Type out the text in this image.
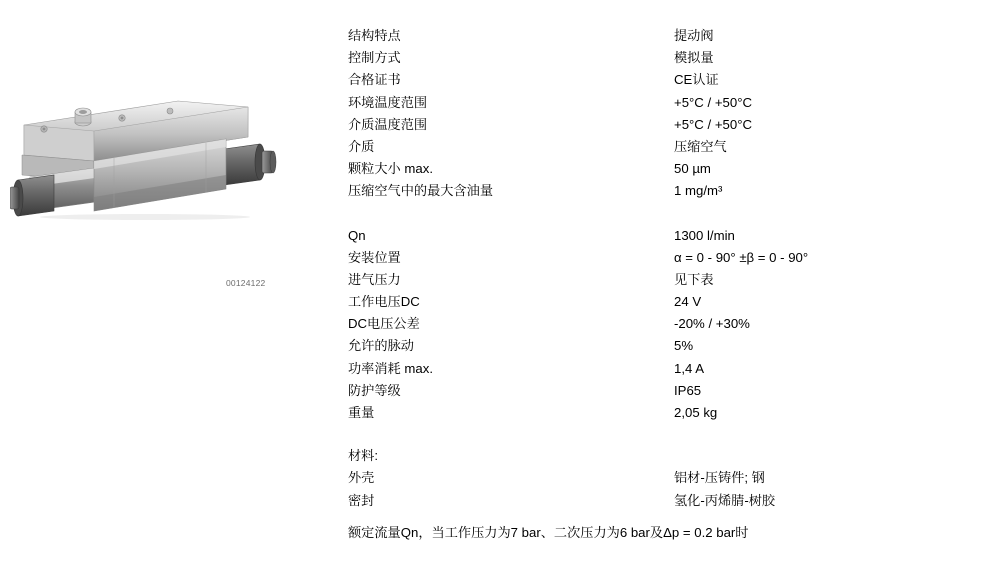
00124122
结构特点	提动阀
控制方式	模拟量
合格证书	CE认证
环境温度范围	+5°C / +50°C
介质温度范围	+5°C / +50°C
介质	压缩空气
颗粒大小 max.	50 µm
压缩空气中的最大含油量	1 mg/m³
Qn	1300 l/min
安装位置	α = 0 - 90° ±β = 0 - 90°
进气压力	见下表
工作电压DC	24 V
DC电压公差	-20% / +30%
允许的脉动	5%
功率消耗 max.	1,4 A
防护等级	IP65
重量	2,05 kg
材料:
外壳	铝材-压铸件; 钢
密封	氢化-丙烯腈-树胶
额定流量Qn，当工作压力为7 bar、二次压力为6 bar及Δp = 0.2 bar时
